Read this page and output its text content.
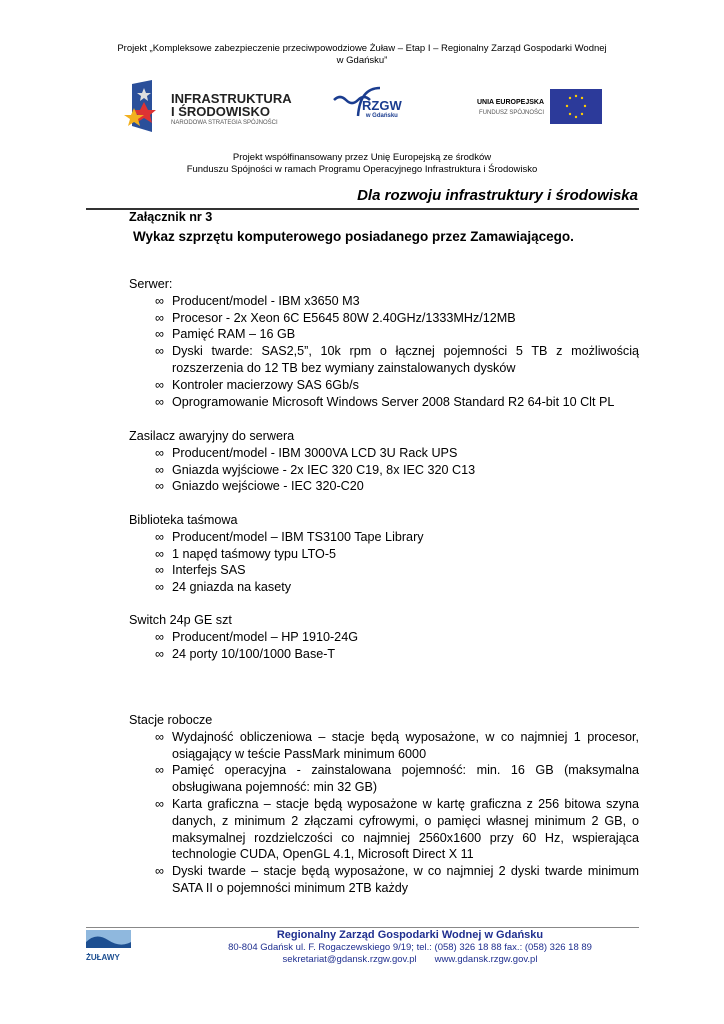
Projekt „Kompleksowe zabezpieczenie przeciwpowodziowe Żuław – Etap I – Regionalny Zarząd Gospodarki Wodnej
w Gdańsku”
INFRASTRUKTURA
I ŚRODOWISKO
NARODOWA STRATEGIA SPÓJNOŚCI
RZGW
w Gdańsku
UNIA EUROPEJSKA
FUNDUSZ SPÓJNOŚCI
Projekt współfinansowany przez Unię Europejską ze środków
Funduszu Spójności w ramach Programu Operacyjnego Infrastruktura i Środowisko
Dla rozwoju infrastruktury i środowiska
Załącznik nr 3
Wykaz szprzętu komputerowego posiadanego przez Zamawiającego.
Serwer:
∞ Producent/model - IBM x3650 M3
∞ Procesor - 2x Xeon 6C E5645 80W 2.40GHz/1333MHz/12MB
∞ Pamięć RAM – 16 GB
∞ Dyski twarde: SAS2,5”, 10k rpm o łącznej pojemności 5 TB z możliwością rozszerzenia do 12 TB bez wymiany zainstalowanych dysków
∞ Kontroler macierzowy SAS 6Gb/s
∞ Oprogramowanie Microsoft Windows Server 2008 Standard R2 64-bit 10 Clt PL
Zasilacz awaryjny do serwera
∞ Producent/model - IBM 3000VA LCD 3U Rack UPS
∞ Gniazda wyjściowe - 2x IEC 320 C19, 8x IEC 320 C13
∞ Gniazdo wejściowe - IEC 320-C20
Biblioteka taśmowa
∞ Producent/model – IBM TS3100 Tape Library
∞ 1 napęd taśmowy typu LTO-5
∞ Interfejs SAS
∞ 24 gniazda na kasety
Switch 24p GE szt
∞ Producent/model – HP 1910-24G
∞ 24 porty 10/100/1000 Base-T
Stacje robocze
∞ Wydajność obliczeniowa – stacje będą wyposażone, w co najmniej 1 procesor, osiągający w teście PassMark minimum 6000
∞ Pamięć operacyjna - zainstalowana pojemność: min. 16 GB (maksymalna obsługiwana pojemność: min 32 GB)
∞ Karta graficzna – stacje będą wyposażone w kartę graficzna z 256 bitowa szyna danych, z minimum 2 złączami cyfrowymi, o pamięci własnej minimum 2 GB, o maksymalnej rozdzielczości co najmniej 2560x1600 przy 60 Hz, wspierająca technologie CUDA, OpenGL 4.1, Microsoft Direct X 11
∞ Dyski twarde – stacje będą wyposażone, w co najmniej 2 dyski twarde minimum SATA II o pojemności minimum 2TB każdy
ŻUŁAWY
Regionalny Zarząd Gospodarki Wodnej w Gdańsku
80-804 Gdańsk ul. F. Rogaczewskiego 9/19; tel.: (058) 326 18 88 fax.: (058) 326 18 89
sekretariat@gdansk.rzgw.gov.pl www.gdansk.rzgw.gov.pl
